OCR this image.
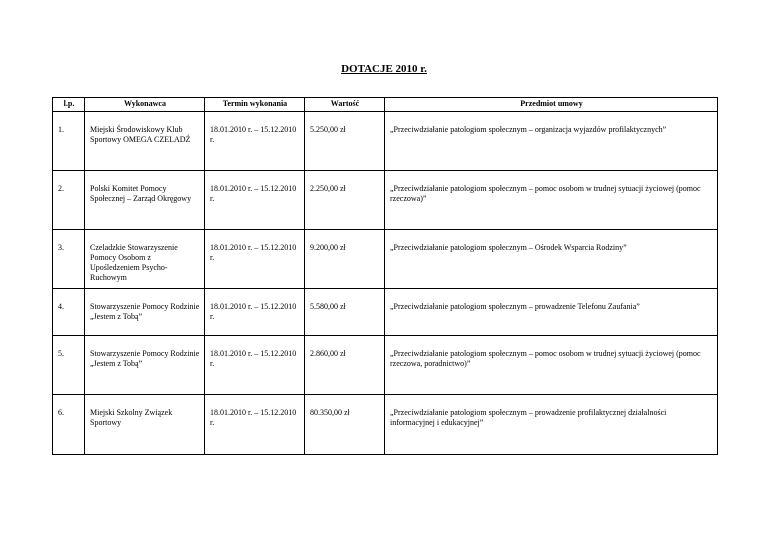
DOTACJE 2010 r.
l.p.	Wykonawca	Termin wykonania	Wartość	Przedmiot umowy
1.	Miejski Środowiskowy Klub Sportowy OMEGA CZELADŹ	18.01.2010 r. – 15.12.2010 r.	5.250,00 zł	„Przeciwdziałanie patologiom społecznym – organizacja wyjazdów profilaktycznych”
2.	Polski Komitet Pomocy Społecznej – Zarząd Okręgowy	18.01.2010 r. – 15.12.2010 r.	2.250,00 zł	„Przeciwdziałanie patologiom społecznym – pomoc osobom w trudnej sytuacji życiowej (pomoc rzeczowa)”
3.	Czeladzkie Stowarzyszenie Pomocy Osobom z Upośledzeniem Psycho-Ruchowym	18.01.2010 r. – 15.12.2010 r.	9.200,00 zł	„Przeciwdziałanie patologiom społecznym – Ośrodek Wsparcia Rodziny”
4.	Stowarzyszenie Pomocy Rodzinie „Jestem z Tobą”	18.01.2010 r. – 15.12.2010 r.	5.580,00 zł	„Przeciwdziałanie patologiom społecznym – prowadzenie Telefonu Zaufania”
5.	Stowarzyszenie Pomocy Rodzinie „Jestem z Tobą”	18.01.2010 r. – 15.12.2010 r.	2.860,00 zł	„Przeciwdziałanie patologiom społecznym – pomoc osobom w trudnej sytuacji życiowej (pomoc rzeczowa, poradnictwo)”
6.	Miejski Szkolny Związek Sportowy	18.01.2010 r. – 15.12.2010 r.	80.350,00 zł	„Przeciwdziałanie patologiom społecznym – prowadzenie profilaktycznej działalności informacyjnej i edukacyjnej”
